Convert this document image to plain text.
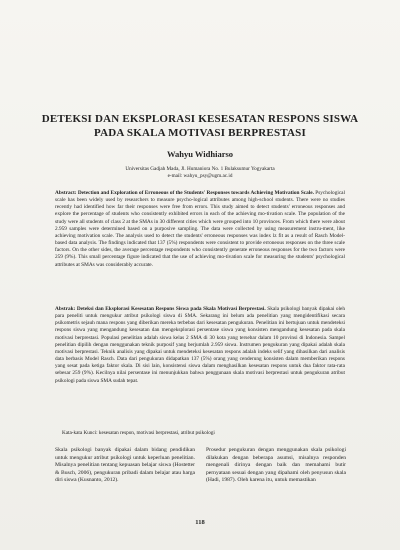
DETEKSI DAN EKSPLORASI KESESATAN RESPONS SISWA PADA SKALA MOTIVASI BERPRESTASI
Wahyu Widhiarso
Universitas Gadjah Mada, Jl. Humaniora No. 1 Bulaksumur Yogyakarta
e-mail: wahyu_psy@ugm.ac.id
Abstract: Detection and Exploration of Erroneous of the Students' Responses towards Achieving Motivation Scale. Psychological scale has been widely used by researchers to measure psycho-logical attributes among high-school students. There were no studies recently had identified how far their responses were free from errors. This study aimed to detect students' erroneous responses and explore the percentage of students who consistently exhibited errors in each of the achieving mo-tivation scale. The population of the study were all students of class 2 at the SMAs in 30 different cities which were grouped into 10 provinces. From which there were about 2.959 samples were determined based on a purposive sampling. The data were collected by using measurement instru-ment, like achieving motivation scale. The analysis used to detect the students' erroneous responses was index lz fit as a result of Rasch Model-based data analysis. The findings indicated that 137 (5%) respondents were consistent to provide erroneous responses on the three scale factors. On the other sides, the average percentage respondents who consistently generate erroneous responses for the two factors were 259 (9%). This small percentage figure indicated that the use of achieving mo-tivation scale for measuring the students' psychological attributes at SMAs was considerably accurate.
Abstrak: Deteksi dan Eksplorasi Kesesatan Respons Siswa pada Skala Motivasi Berprestasi. Skala psikologi banyak dipakai oleh para peneliti untuk mengukur atribut psikologi siswa di SMA. Sekarang ini belum ada penelitian yang mengidentifikasi secara psikometris sejauh mana respons yang diberikan mereka terbebas dari kesesatan pengukuran. Penelitian ini bertujuan untuk mendeteksi respons siswa yang mengandung kesesatan dan mengeksplorasi persentase siswa yang konsisten mengandung kesesatan pada skala motivasi berprestasi. Populasi penelitian adalah siswa kelas 2 SMA di 30 kota yang tersebar dalam 10 provinsi di Indonesia. Sampel penelitian dipilih dengan menggunakan teknik purposif yang berjumlah 2.959 siswa. Instrumen pengukuran yang dipakai adalah skala motivasi berprestasi. Teknik analisis yang dipakai untuk mendeteksi kesesatan respons adalah indeks selif yang dihasilkan dari analisis data berbasis Model Rasch. Data dari pengukuran didapatkan 137 (5%) orang yang cenderung konsisten dalam memberikan respons yang sesat pada ketiga faktor skala. Di sisi lain, konsistensi siswa dalam menghasilkan kesesatan respons untuk dua faktor rata-rata sebesar 259 (9%). Kecilnya nilai persentase ini menunjukkan bahwa penggunaan skala motivasi berprestasi untuk pengukuran atribut psikologi pada siswa SMA sudah tepat.
Kata-kata Kunci: kesesatan respon, motivasi berprestasi, atribut psikologi
Skala psikologi banyak dipakai dalam bidang pendidikan untuk mengukur atribut psikologi untuk keperluan penelitian. Misalnya penelitian tentang kepuasan belajar siswa (Hostetter & Busch, 2006), pengukuran pribadi dalam belajar atau harga diri siswa (Kusnanto, 2012).
Prosedur pengukuran dengan menggunakan skala psikologi dilakukan dengan beberapa asumsi, misalnya responden mengenali dirinya dengan baik dan memahami butir pernyataan sesuai dengan yang dipahami oleh penyusun skala (Hadi, 1987). Oleh karena itu, untuk memastikan
118
